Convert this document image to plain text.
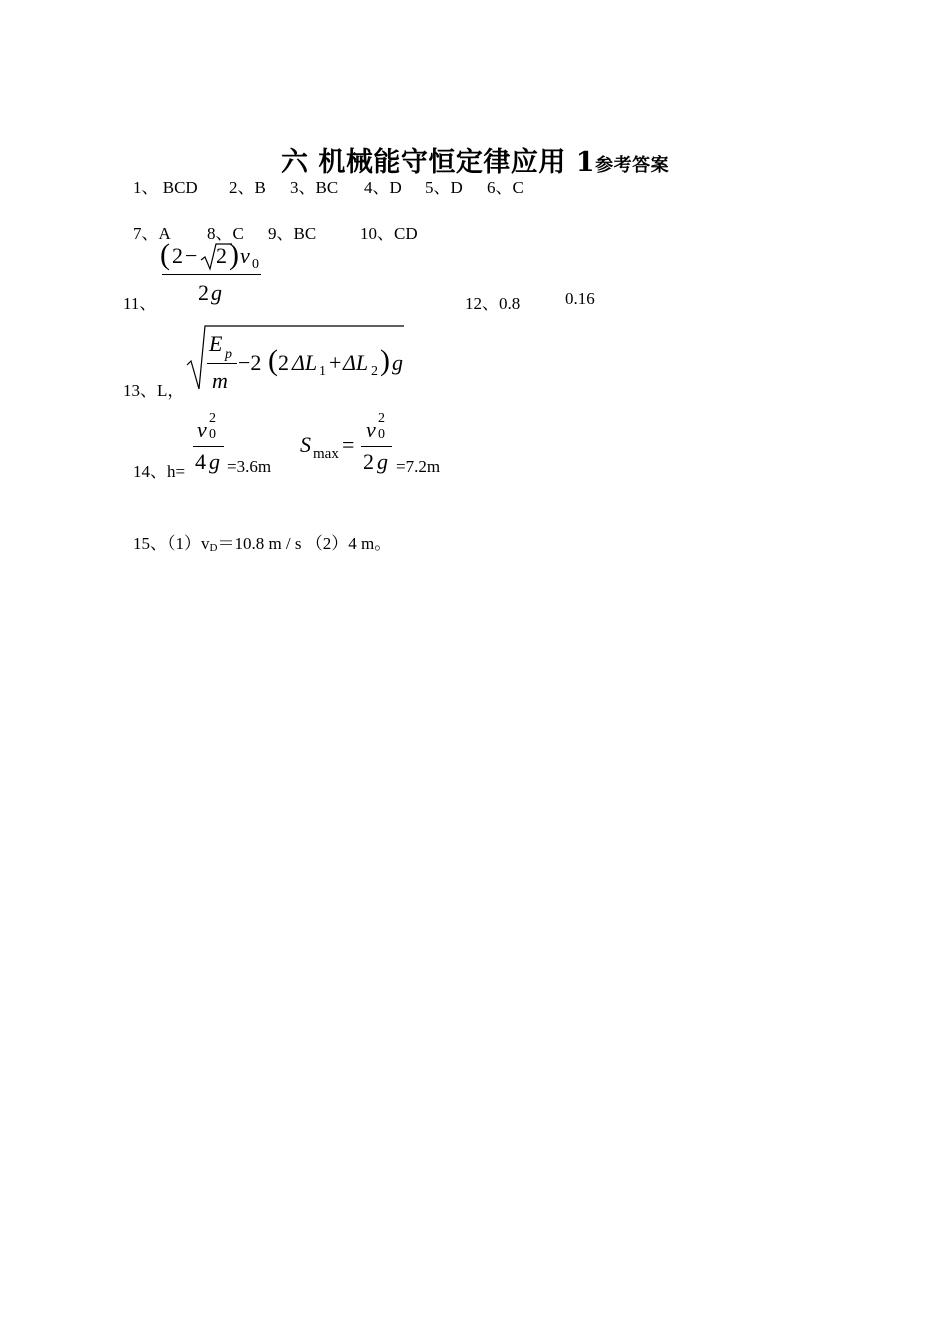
六 机械能守恒定律应用 1参考答案
1、 BCD 2、B 3、BC 4、D 5、D 6、C
7、A 8、C 9、BC	10、CD
11、
( 2 − 2 ) v 0
2 g	12、0.8	0.16
13、L，
E p
m
−2 ( 2 ΔL 1 + ΔL 2 ) g
14、h=
v 2
0
4 g =3.6m
S max =
v 2
0
2 g =7.2m
15、（1）vD＝10.8 m / s （2）4 m。
